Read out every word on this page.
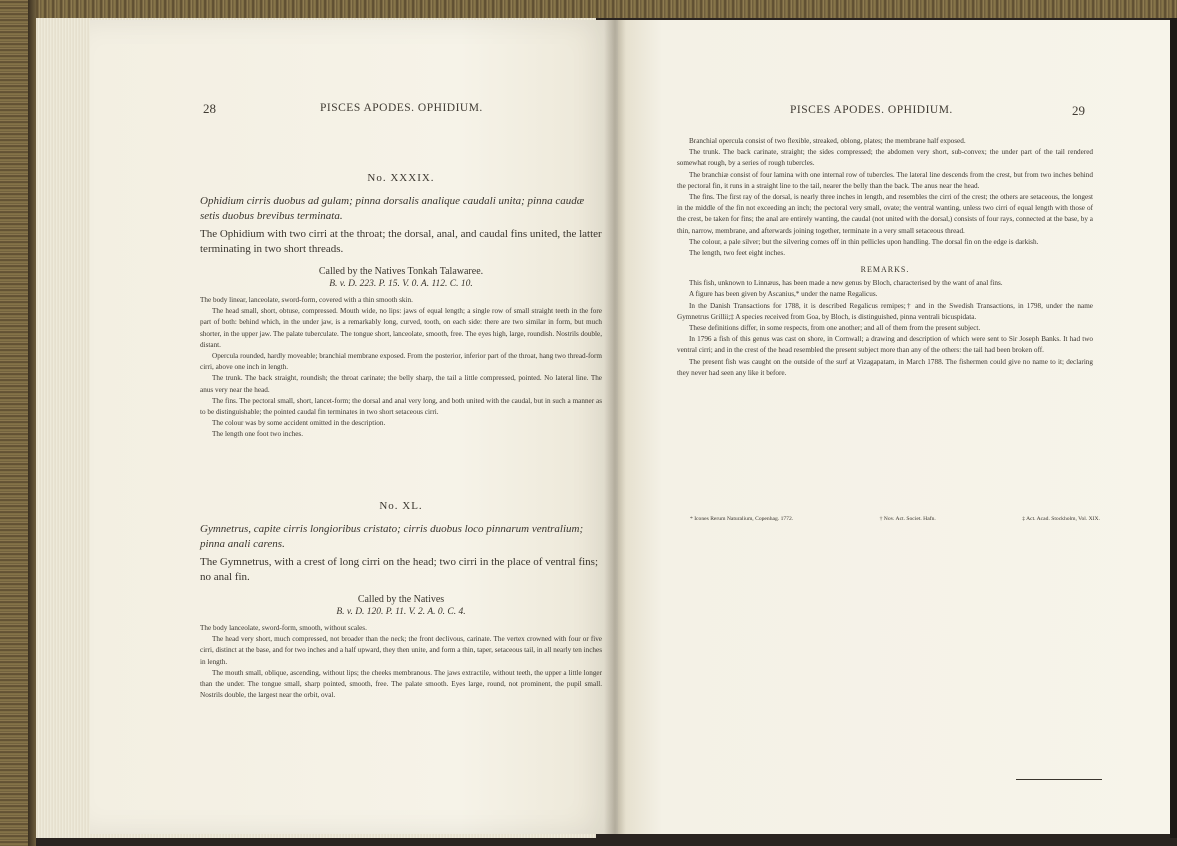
28	PISCES APODES. OPHIDIUM.
No. XXXIX.
Ophidium cirris duobus ad gulam; pinna dorsalis analique caudali unita; pinna caudæ setis duobus brevibus terminata.
The Ophidium with two cirri at the throat; the dorsal, anal, and caudal fins united, the latter terminating in two short threads.
Called by the Natives Tonkah Talawaree.
B. v. D. 223. P. 15. V. 0. A. 112. C. 10.

The body linear, lanceolate, sword-form, covered with a thin smooth skin.

The head small, short, obtuse, compressed. Mouth wide, no lips: jaws of equal length; a single row of small straight teeth in the fore part of both: behind which, in the under jaw, is a remarkably long, curved, tooth, on each side: there are two similar in form, but much shorter, in the upper jaw. The palate tuberculate. The tongue short, lanceolate, smooth, free. The eyes high, large, roundish. Nostrils double, distant.

Opercula rounded, hardly moveable; branchial membrane exposed. From the posterior, inferior part of the throat, hang two thread-form cirri, above one inch in length.

The trunk. The back straight, roundish; the throat carinate; the belly sharp, the tail a little compressed, pointed. No lateral line. The anus very near the head.

The fins. The pectoral small, short, lancet-form; the dorsal and anal very long, and both united with the caudal, but in such a manner as to be distinguishable; the pointed caudal fin terminates in two short setaceous cirri.

The colour was by some accident omitted in the description.

The length one foot two inches.

No. XL.
Gymnetrus, capite cirris longioribus cristato; cirris duobus loco pinnarum ventralium; pinna anali carens.
The Gymnetrus, with a crest of long cirri on the head; two cirri in the place of ventral fins; no anal fin.
Called by the Natives
B. v. D. 120. P. 11. V. 2. A. 0. C. 4.

The body lanceolate, sword-form, smooth, without scales.

The head very short, much compressed, not broader than the neck; the front declivous, carinate. The vertex crowned with four or five cirri, distinct at the base, and for two inches and a half upward, they then unite, and form a thin, taper, setaceous tail, in all nearly ten inches in length.

The mouth small, oblique, ascending, without lips; the cheeks membranous. The jaws extractile, without teeth, the upper a little longer than the under. The tongue small, sharp pointed, smooth, free. The palate smooth. Eyes large, round, not prominent, the pupil small. Nostrils double, the largest near the orbit, oval.

PISCES APODES. OPHIDIUM.	29

Branchial opercula consist of two flexible, streaked, oblong, plates; the membrane half exposed.

The trunk. The back carinate, straight; the sides compressed; the abdomen very short, sub-convex; the under part of the tail rendered somewhat rough, by a series of rough tubercles.

The branchiæ consist of four lamina with one internal row of tubercles. The lateral line descends from the crest, but from two inches behind the pectoral fin, it runs in a straight line to the tail, nearer the belly than the back. The anus near the head.

The fins. The first ray of the dorsal, is nearly three inches in length, and resembles the cirri of the crest; the others are setaceous, the longest in the middle of the fin not exceeding an inch; the pectoral very small, ovate; the ventral wanting, unless two cirri of equal length with those of the crest, be taken for fins; the anal are entirely wanting, the caudal (not united with the dorsal,) consists of four rays, connected at the base, by a thin, narrow, membrane, and afterwards joining together, terminate in a very small setaceous thread.

The colour, a pale silver; but the silvering comes off in thin pellicles upon handling. The dorsal fin on the edge is darkish.

The length, two feet eight inches.

REMARKS.

This fish, unknown to Linnæus, has been made a new genus by Bloch, characterised by the want of anal fins.

A figure has been given by Ascanius,* under the name Regalicus.

In the Danish Transactions for 1788, it is described Regalicus remipes;† and in the Swedish Transactions, in 1798, under the name Gymnetrus Grillii;‡ A species received from Goa, by Bloch, is distinguished, pinna ventrali bicuspidata.

These definitions differ, in some respects, from one another; and all of them from the present subject.

In 1796 a fish of this genus was cast on shore, in Cornwall; a drawing and description of which were sent to Sir Joseph Banks. It had two ventral cirri; and in the crest of the head resembled the present subject more than any of the others: the tail had been broken off.

The present fish was caught on the outside of the surf at Vizagapatam, in March 1788. The fishermen could give no name to it; declaring they never had seen any like it before.

* Icones Rerum Naturalium, Copenhag. 1772.	† Nov. Act. Societ. Hafn.	‡ Act. Acad. Stockholm, Vol. XIX.
